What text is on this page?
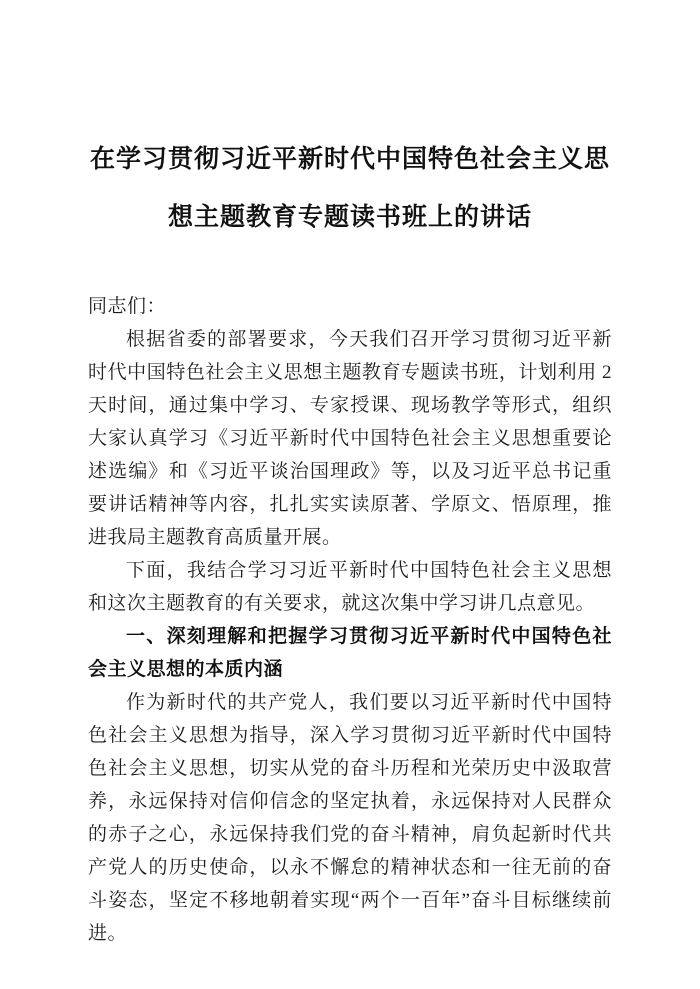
在学习贯彻习近平新时代中国特色社会主义思
想主题教育专题读书班上的讲话

同志们：

根据省委的部署要求，今天我们召开学习贯彻习近平新时代中国特色社会主义思想主题教育专题读书班，计划利用 2 天时间，通过集中学习、专家授课、现场教学等形式，组织大家认真学习《习近平新时代中国特色社会主义思想重要论述选编》和《习近平谈治国理政》等，以及习近平总书记重要讲话精神等内容，扎扎实实读原著、学原文、悟原理，推进我局主题教育高质量开展。

下面，我结合学习习近平新时代中国特色社会主义思想和这次主题教育的有关要求，就这次集中学习讲几点意见。

一、深刻理解和把握学习贯彻习近平新时代中国特色社会主义思想的本质内涵

作为新时代的共产党人，我们要以习近平新时代中国特色社会主义思想为指导，深入学习贯彻习近平新时代中国特色社会主义思想，切实从党的奋斗历程和光荣历史中汲取营养，永远保持对信仰信念的坚定执着，永远保持对人民群众的赤子之心，永远保持我们党的奋斗精神，肩负起新时代共产党人的历史使命，以永不懈怠的精神状态和一往无前的奋斗姿态，坚定不移地朝着实现“两个一百年”奋斗目标继续前进。
